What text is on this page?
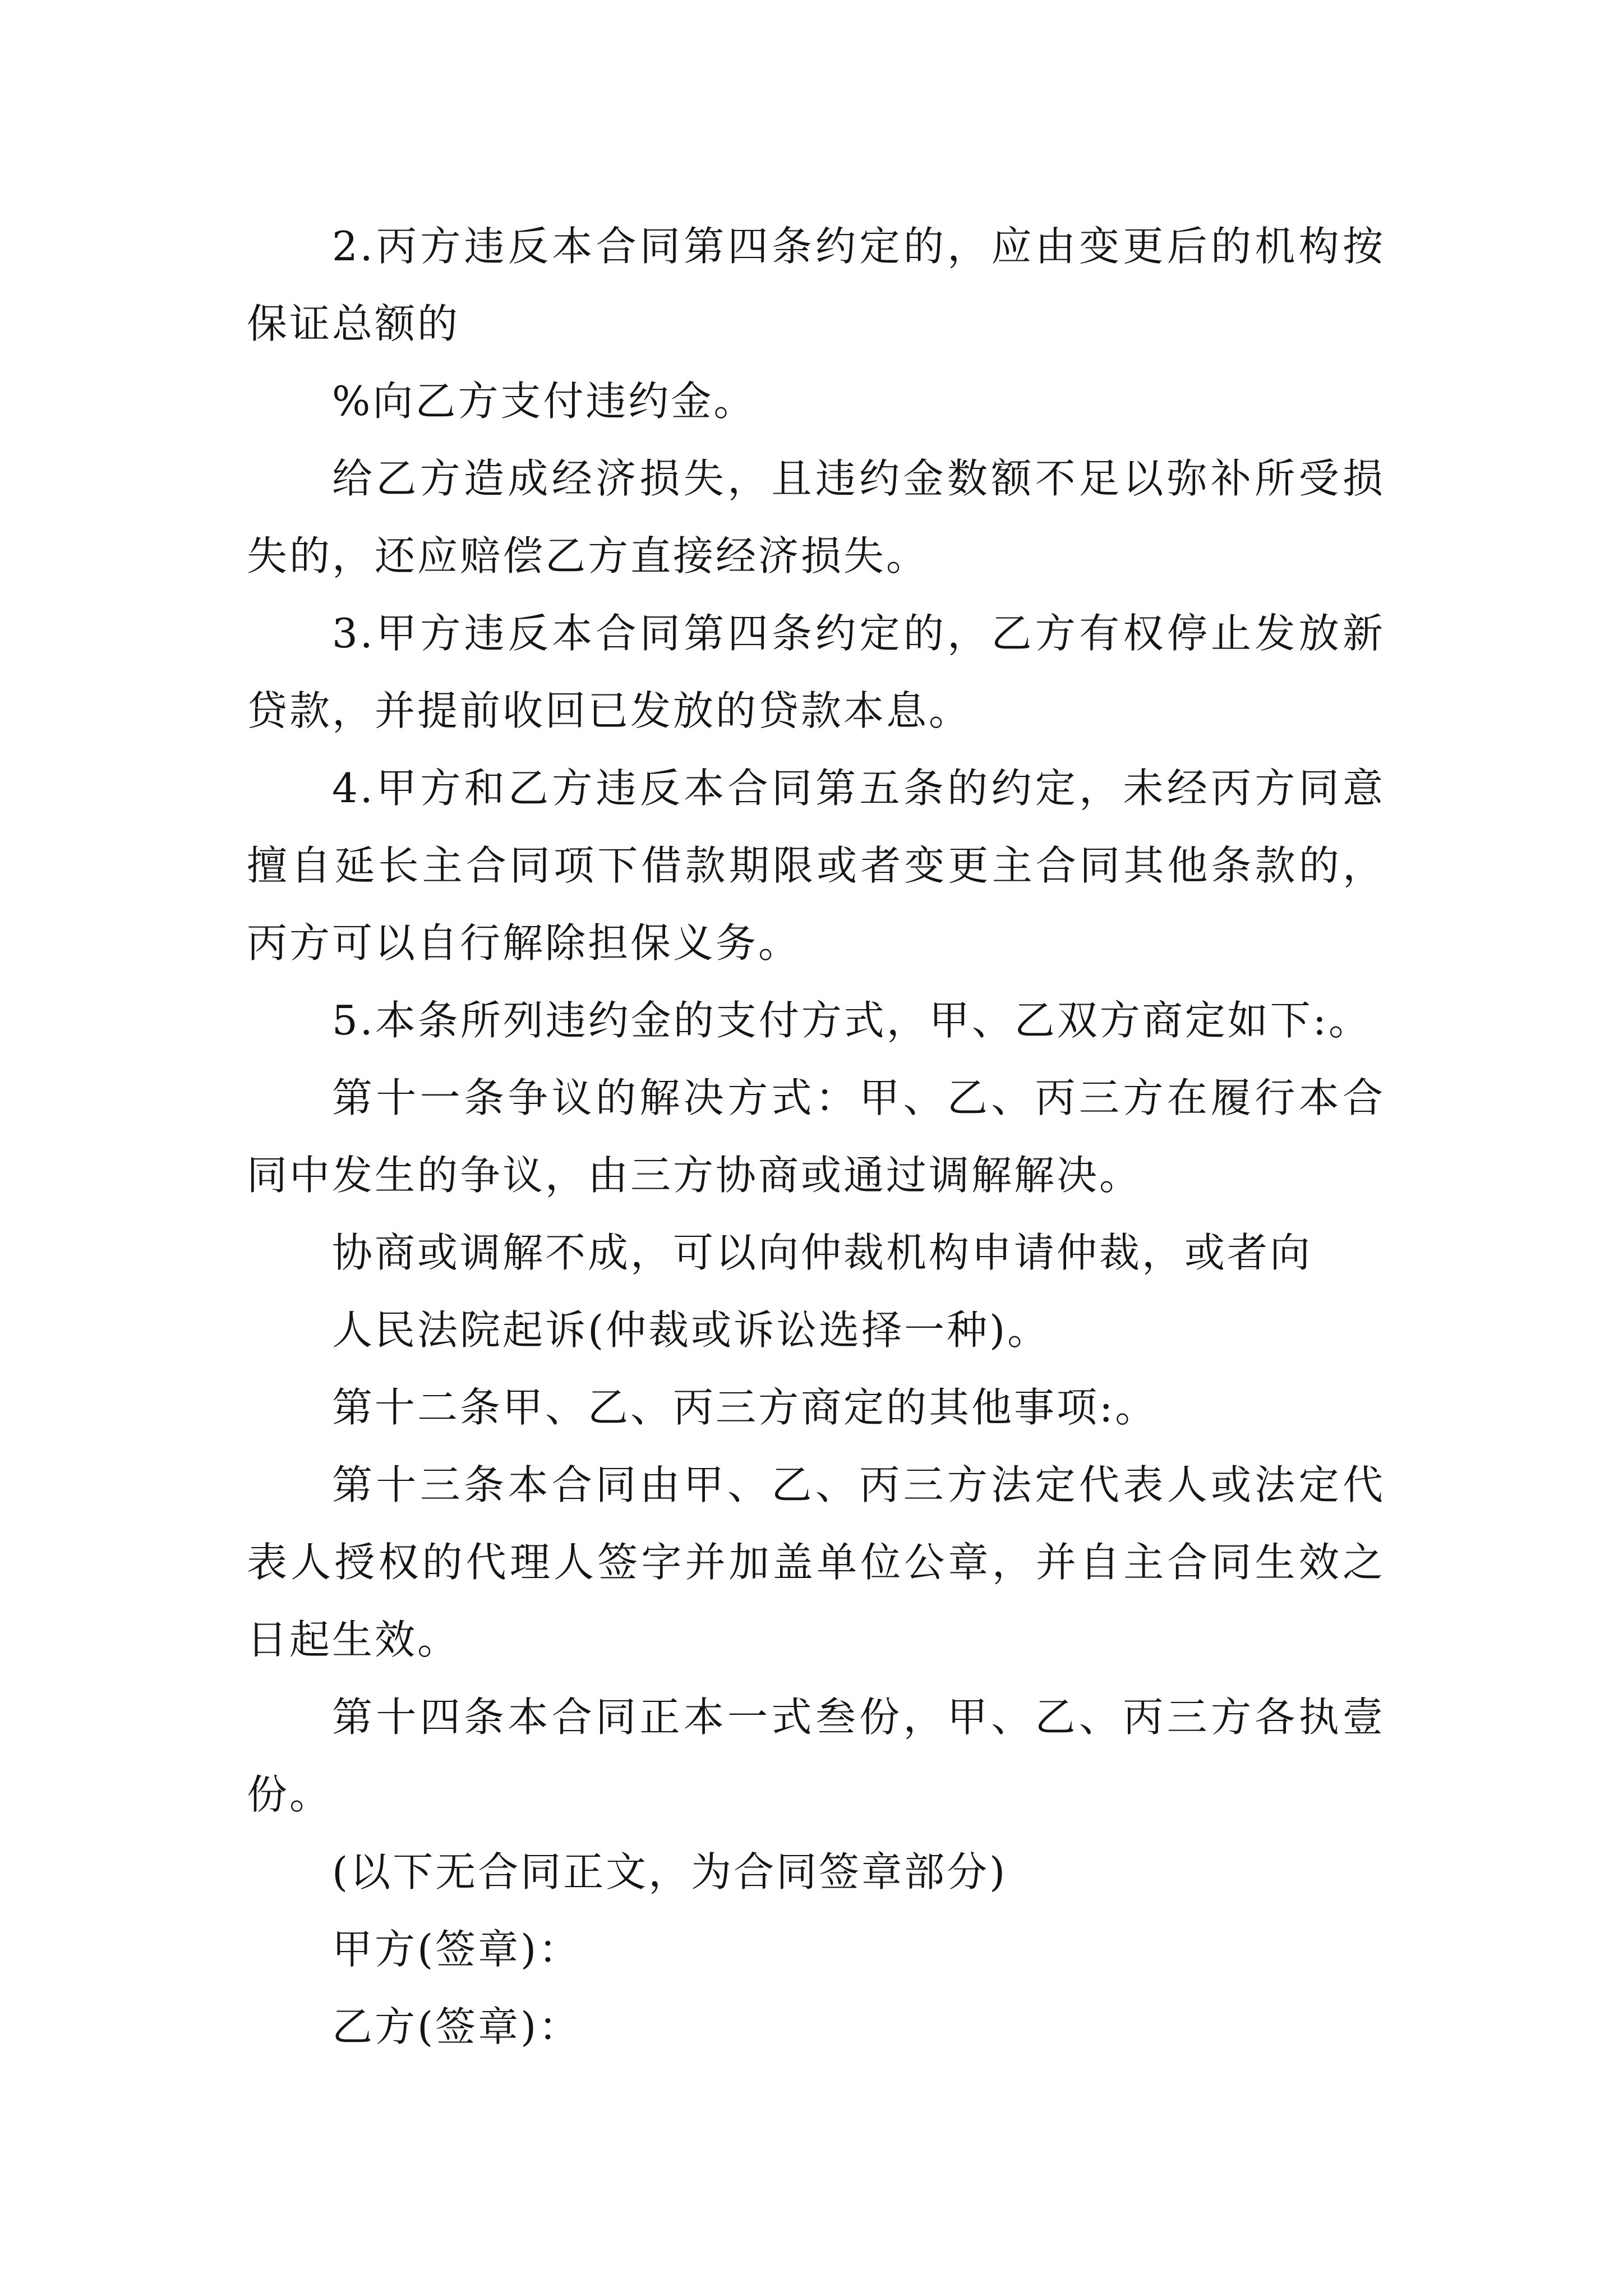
2.丙方违反本合同第四条约定的，应由变更后的机构按保证总额的

%向乙方支付违约金。

给乙方造成经济损失，且违约金数额不足以弥补所受损失的，还应赔偿乙方直接经济损失。

3.甲方违反本合同第四条约定的，乙方有权停止发放新贷款，并提前收回已发放的贷款本息。

4.甲方和乙方违反本合同第五条的约定，未经丙方同意擅自延长主合同项下借款期限或者变更主合同其他条款的，丙方可以自行解除担保义务。

5.本条所列违约金的支付方式，甲、乙双方商定如下:。

第十一条争议的解决方式：甲、乙、丙三方在履行本合同中发生的争议，由三方协商或通过调解解决。

协商或调解不成，可以向仲裁机构申请仲裁，或者向

人民法院起诉(仲裁或诉讼选择一种)。

第十二条甲、乙、丙三方商定的其他事项:。

第十三条本合同由甲、乙、丙三方法定代表人或法定代表人授权的代理人签字并加盖单位公章，并自主合同生效之日起生效。

第十四条本合同正本一式叁份，甲、乙、丙三方各执壹份。

(以下无合同正文，为合同签章部分)

甲方(签章)：

乙方(签章)：
